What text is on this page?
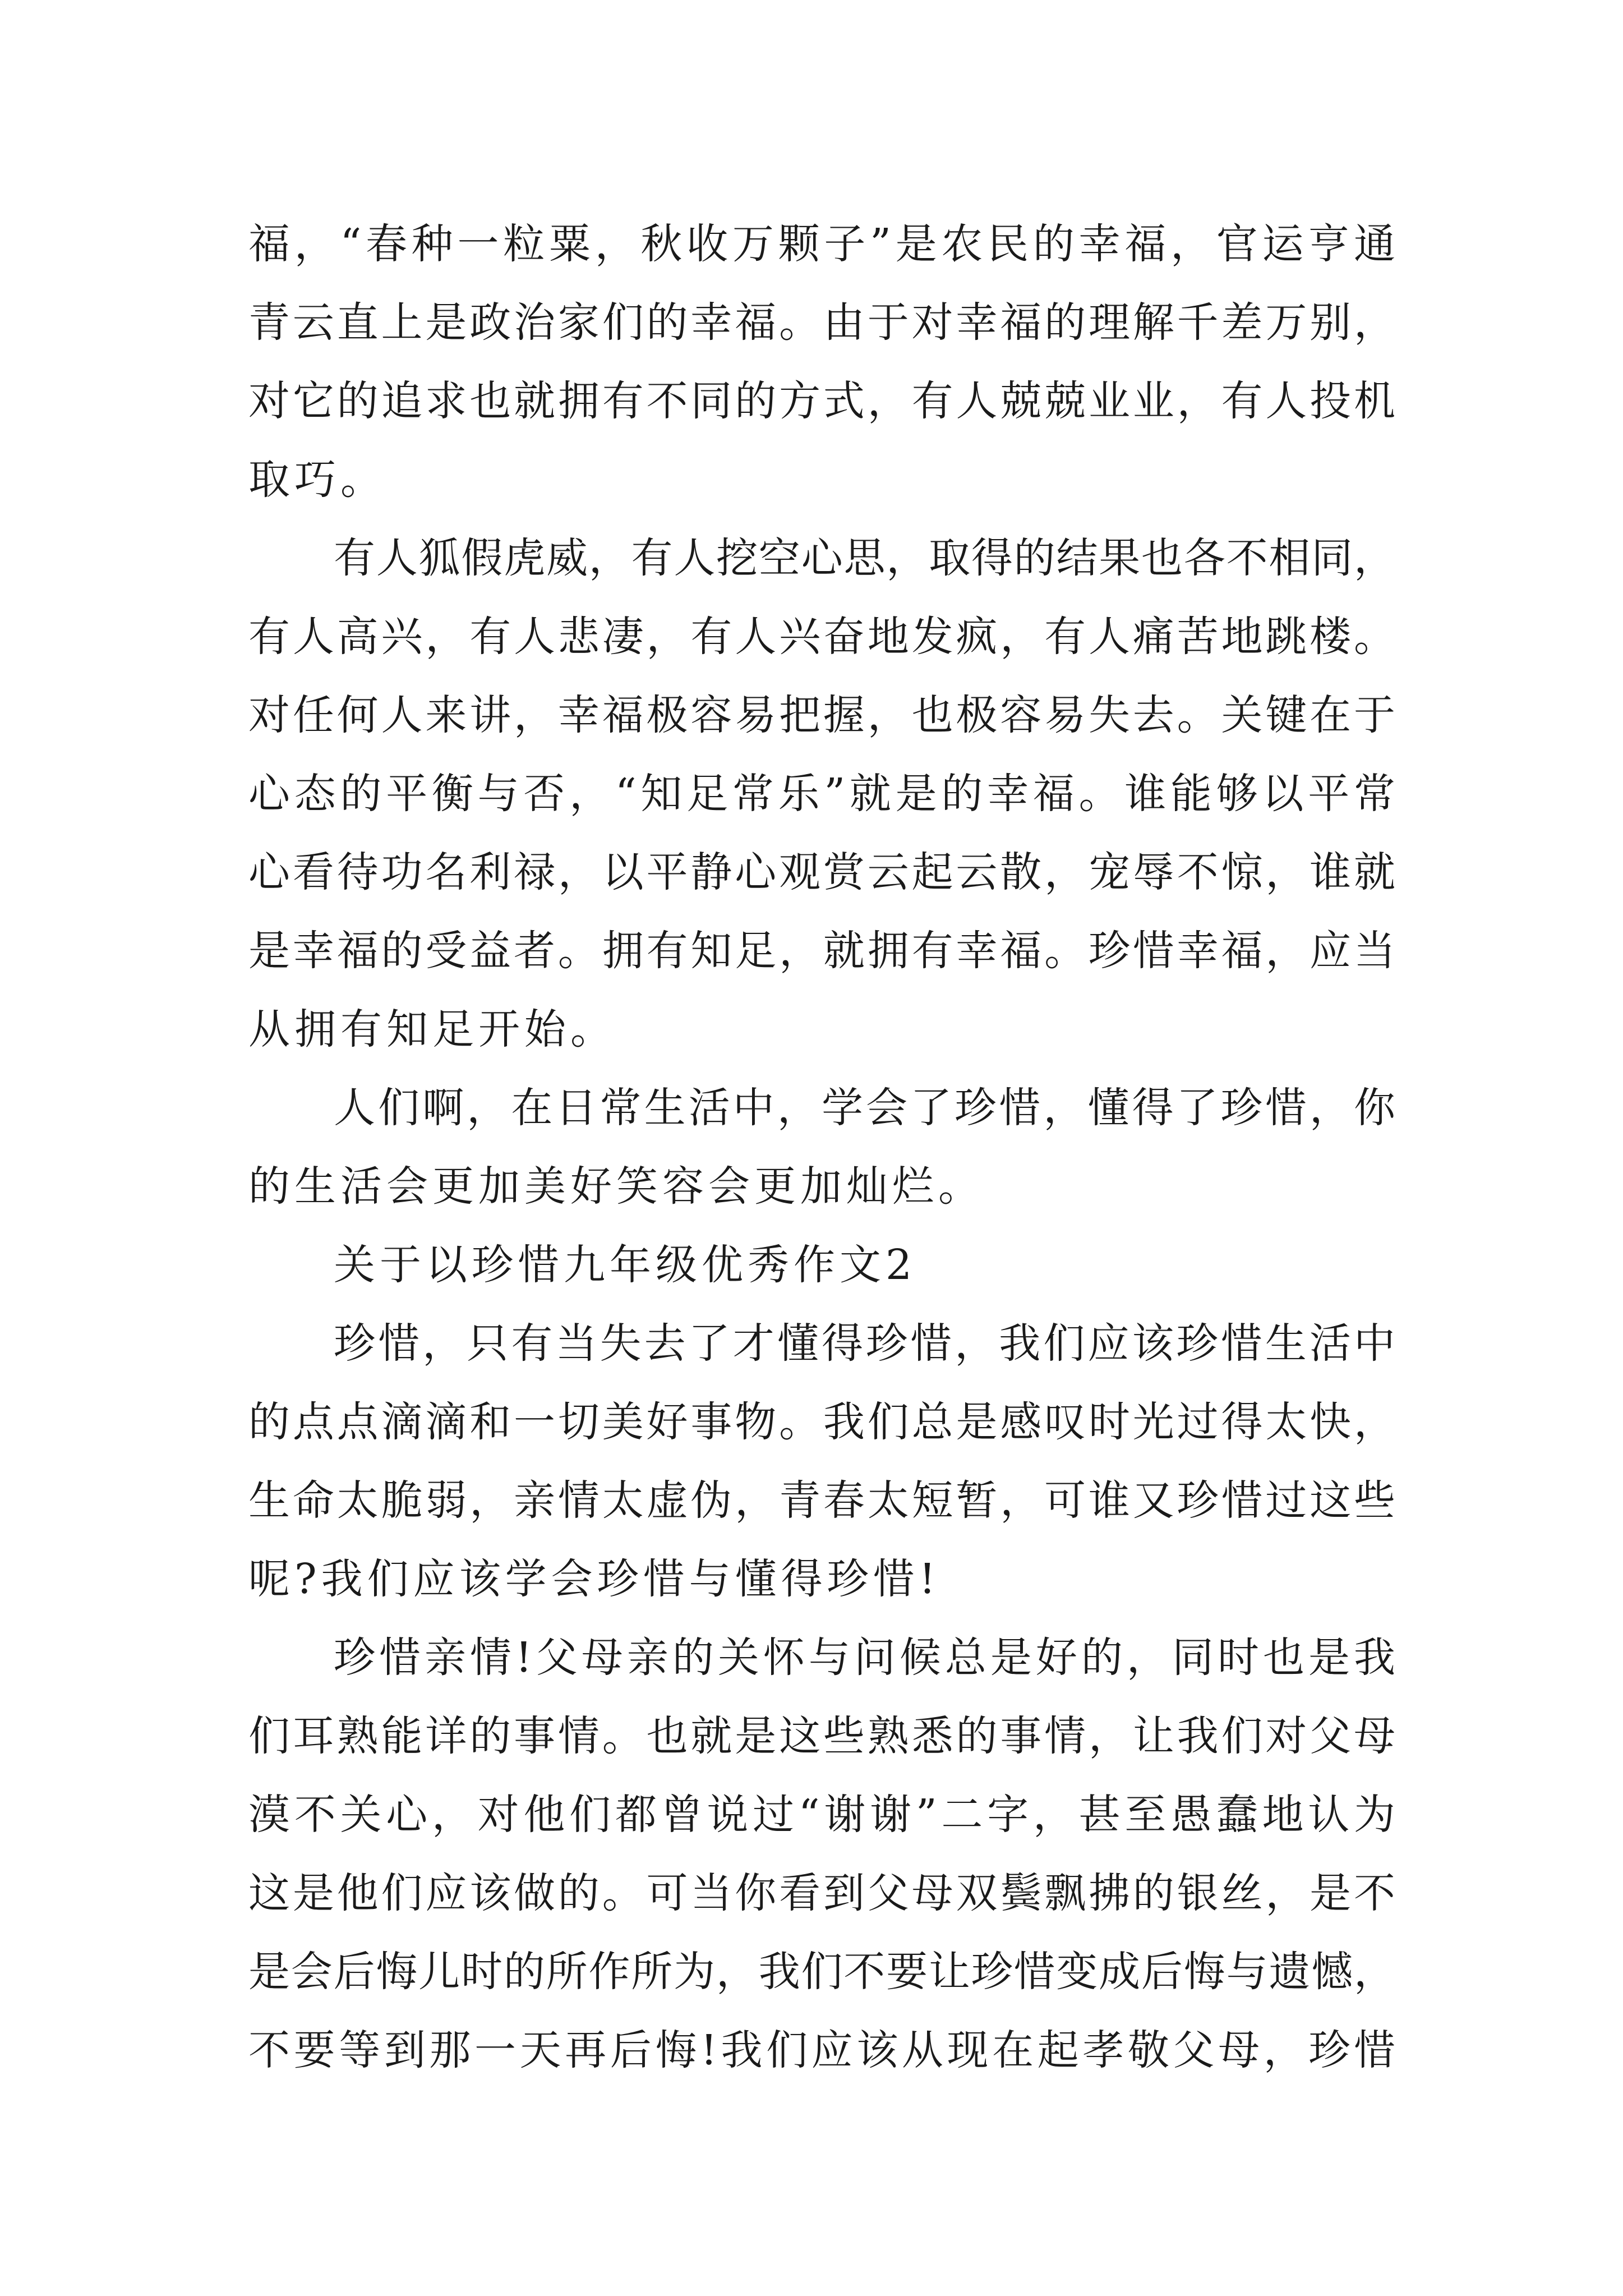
福，“春种一粒粟，秋收万颗子”是农民的幸福，官运亨通
青云直上是政治家们的幸福。由于对幸福的理解千差万别，
对它的追求也就拥有不同的方式，有人兢兢业业，有人投机
取巧。
有人狐假虎威，有人挖空心思，取得的结果也各不相同，
有人高兴，有人悲凄，有人兴奋地发疯，有人痛苦地跳楼。
对任何人来讲，幸福极容易把握，也极容易失去。关键在于
心态的平衡与否，“知足常乐”就是的幸福。谁能够以平常
心看待功名利禄，以平静心观赏云起云散，宠辱不惊，谁就
是幸福的受益者。拥有知足，就拥有幸福。珍惜幸福，应当
从拥有知足开始。
人们啊，在日常生活中，学会了珍惜，懂得了珍惜，你
的生活会更加美好笑容会更加灿烂。
关于以珍惜九年级优秀作文2
珍惜，只有当失去了才懂得珍惜，我们应该珍惜生活中
的点点滴滴和一切美好事物。我们总是感叹时光过得太快，
生命太脆弱，亲情太虚伪，青春太短暂，可谁又珍惜过这些
呢?我们应该学会珍惜与懂得珍惜!
珍惜亲情!父母亲的关怀与问候总是好的，同时也是我
们耳熟能详的事情。也就是这些熟悉的事情，让我们对父母
漠不关心，对他们都曾说过“谢谢”二字，甚至愚蠢地认为
这是他们应该做的。可当你看到父母双鬓飘拂的银丝，是不
是会后悔儿时的所作所为，我们不要让珍惜变成后悔与遗憾，
不要等到那一天再后悔!我们应该从现在起孝敬父母，珍惜
